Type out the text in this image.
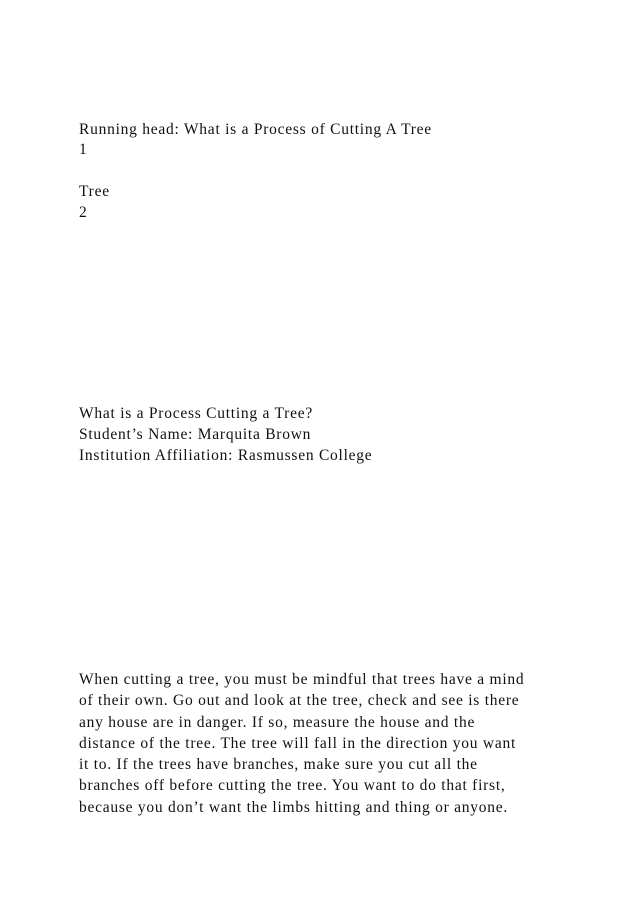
Running head: What is a Process of Cutting A Tree

1

Tree

2

What is a Process Cutting a Tree?

Student’s Name: Marquita Brown

Institution Affiliation: Rasmussen College

When cutting a tree, you must be mindful that trees have a mind
of their own. Go out and look at the tree, check and see is there
any house are in danger. If so, measure the house and the
distance of the tree. The tree will fall in the direction you want
it to. If the trees have branches, make sure you cut all the
branches off before cutting the tree. You want to do that first,
because you don’t want the limbs hitting and thing or anyone.
